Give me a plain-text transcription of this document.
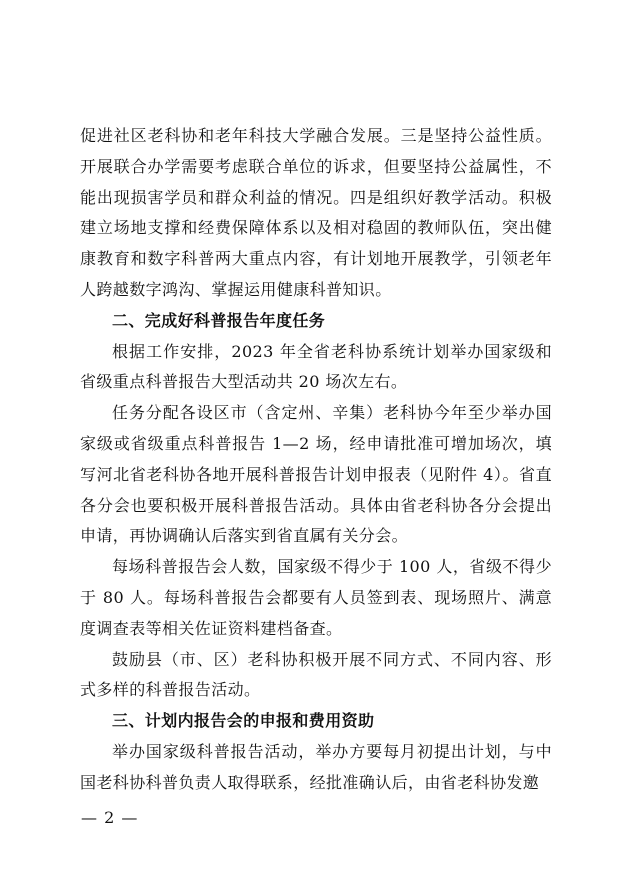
促进社区老科协和老年科技大学融合发展。三是坚持公益性质。开展联合办学需要考虑联合单位的诉求，但要坚持公益属性，不能出现损害学员和群众利益的情况。四是组织好教学活动。积极建立场地支撑和经费保障体系以及相对稳固的教师队伍，突出健康教育和数字科普两大重点内容，有计划地开展教学，引领老年人跨越数字鸿沟、掌握运用健康科普知识。

二、完成好科普报告年度任务

根据工作安排，2023 年全省老科协系统计划举办国家级和省级重点科普报告大型活动共 20 场次左右。

任务分配各设区市（含定州、辛集）老科协今年至少举办国家级或省级重点科普报告 1—2 场，经申请批准可增加场次，填写河北省老科协各地开展科普报告计划申报表（见附件 4）。省直各分会也要积极开展科普报告活动。具体由省老科协各分会提出申请，再协调确认后落实到省直属有关分会。

每场科普报告会人数，国家级不得少于 100 人，省级不得少于 80 人。每场科普报告会都要有人员签到表、现场照片、满意度调查表等相关佐证资料建档备查。

鼓励县（市、区）老科协积极开展不同方式、不同内容、形式多样的科普报告活动。

三、计划内报告会的申报和费用资助

举办国家级科普报告活动，举办方要每月初提出计划，与中国老科协科普负责人取得联系，经批准确认后，由省老科协发邀

— 2 —
